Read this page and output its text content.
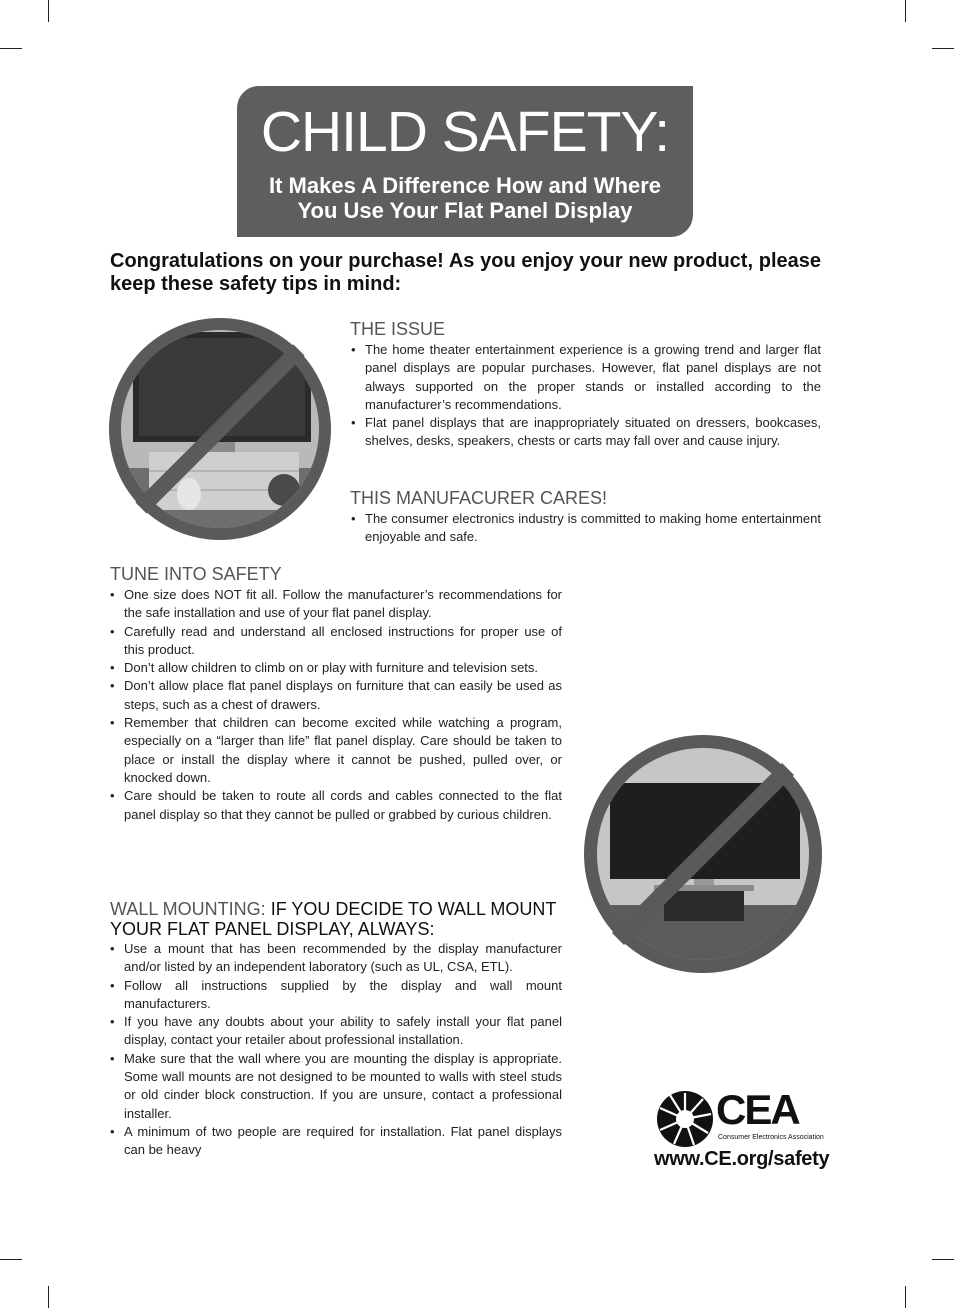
CHILD SAFETY:
It Makes A Difference How and Where
You Use Your Flat Panel Display
Congratulations on your purchase! As you enjoy your new product, please keep these safety tips in mind:
THE ISSUE
• The home theater entertainment experience is a growing trend and larger flat panel displays are popular purchases. However, flat panel displays are not always supported on the proper stands or installed according to the manufacturer’s recommendations.
• Flat panel displays that are inappropriately situated on dressers, bookcases, shelves, desks, speakers, chests or carts may fall over and cause injury.
THIS MANUFACURER CARES!
• The consumer electronics industry is committed to making home entertainment enjoyable and safe.
TUNE INTO SAFETY
• One size does NOT fit all. Follow the manufacturer’s recommendations for the safe installation and use of your flat panel display.
• Carefully read and understand all enclosed instructions for proper use of this product.
• Don’t allow children to climb on or play with furniture and television sets.
• Don’t allow place flat panel displays on furniture that can easily be used as steps, such as a chest of drawers.
• Remember that children can become excited while watching a program, especially on a “larger than life” flat panel display. Care should be taken to place or install the display where it cannot be pushed, pulled over, or knocked down.
• Care should be taken to route all cords and cables connected to the flat panel display so that they cannot be pulled or grabbed by curious children.
WALL MOUNTING: IF YOU DECIDE TO WALL MOUNT YOUR FLAT PANEL DISPLAY, ALWAYS:
• Use a mount that has been recommended by the display manufacturer and/or listed by an independent laboratory (such as UL, CSA, ETL).
• Follow all instructions supplied by the display and wall mount manufacturers.
• If you have any doubts about your ability to safely install your flat panel display, contact your retailer about professional installation.
• Make sure that the wall where you are mounting the display is appropriate. Some wall mounts are not designed to be mounted to walls with steel studs or old cinder block construction. If you are unsure, contact a professional installer.
• A minimum of two people are required for installation. Flat panel displays can be heavy
CEA
Consumer Electronics Association
www.CE.org/safety
